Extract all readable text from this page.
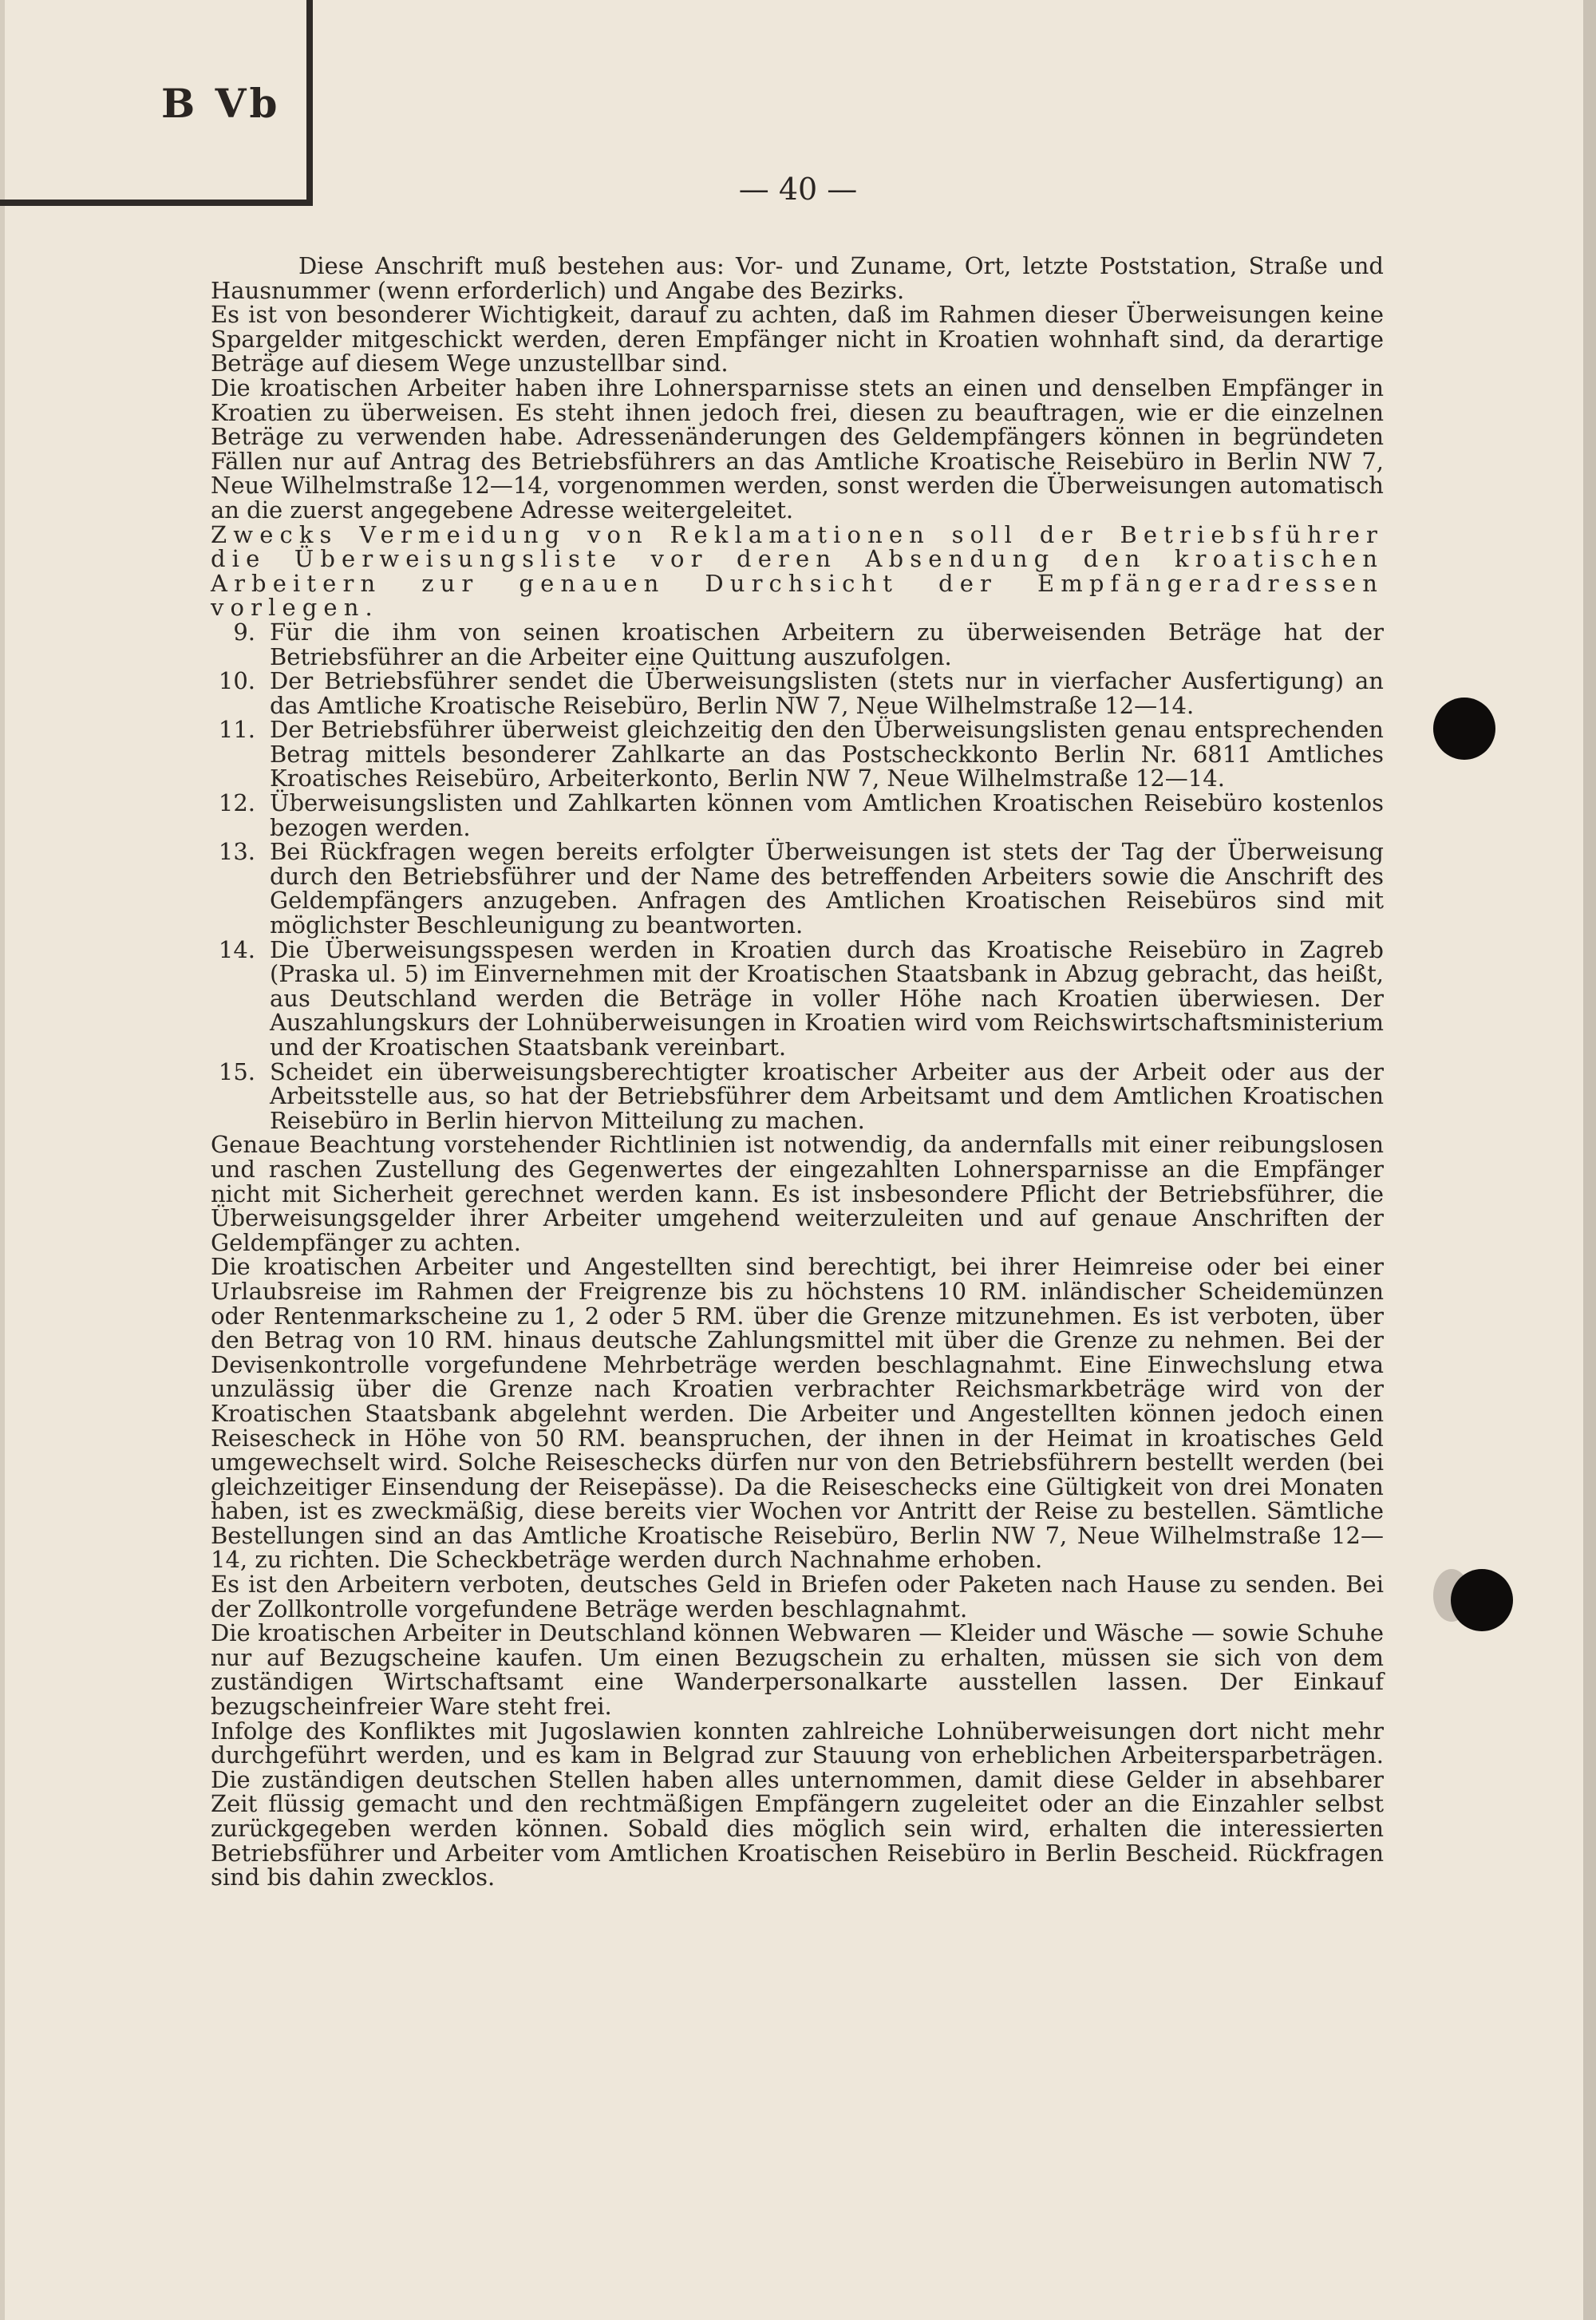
B Vb
— 40 —

Diese Anschrift muß bestehen aus: Vor- und Zuname, Ort, letzte Poststation, Straße und Hausnummer (wenn erforderlich) und Angabe des Bezirks.

Es ist von besonderer Wichtigkeit, darauf zu achten, daß im Rahmen dieser Überweisungen keine Spargelder mitgeschickt werden, deren Empfänger nicht in Kroatien wohnhaft sind, da derartige Beträge auf diesem Wege unzustellbar sind.

Die kroatischen Arbeiter haben ihre Lohnersparnisse stets an einen und denselben Empfänger in Kroatien zu überweisen. Es steht ihnen jedoch frei, diesen zu beauftragen, wie er die einzelnen Beträge zu verwenden habe. Adressenänderungen des Geldempfängers können in begründeten Fällen nur auf Antrag des Betriebsführers an das Amtliche Kroatische Reisebüro in Berlin NW 7, Neue Wilhelmstraße 12—14, vorgenommen werden, sonst werden die Überweisungen automatisch an die zuerst angegebene Adresse weitergeleitet.

Zwecks Vermeidung von Reklamationen soll der Betriebsführer die Überweisungsliste vor deren Absendung den kroatischen Arbeitern zur genauen Durchsicht der Empfängeradressen vorlegen.

9. Für die ihm von seinen kroatischen Arbeitern zu überweisenden Beträge hat der Betriebsführer an die Arbeiter eine Quittung auszufolgen.
10. Der Betriebsführer sendet die Überweisungslisten (stets nur in vierfacher Ausfertigung) an das Amtliche Kroatische Reisebüro, Berlin NW 7, Neue Wilhelmstraße 12—14.
11. Der Betriebsführer überweist gleichzeitig den den Überweisungslisten genau entsprechenden Betrag mittels besonderer Zahlkarte an das Postscheckkonto Berlin Nr. 6811 Amtliches Kroatisches Reisebüro, Arbeiterkonto, Berlin NW 7, Neue Wilhelmstraße 12—14.
12. Überweisungslisten und Zahlkarten können vom Amtlichen Kroatischen Reisebüro kostenlos bezogen werden.
13. Bei Rückfragen wegen bereits erfolgter Überweisungen ist stets der Tag der Überweisung durch den Betriebsführer und der Name des betreffenden Arbeiters sowie die Anschrift des Geldempfängers anzugeben. Anfragen des Amtlichen Kroatischen Reisebüros sind mit möglichster Beschleunigung zu beantworten.
14. Die Überweisungsspesen werden in Kroatien durch das Kroatische Reisebüro in Zagreb (Praska ul. 5) im Einvernehmen mit der Kroatischen Staatsbank in Abzug gebracht, das heißt, aus Deutschland werden die Beträge in voller Höhe nach Kroatien überwiesen. Der Auszahlungskurs der Lohnüberweisungen in Kroatien wird vom Reichswirtschaftsministerium und der Kroatischen Staatsbank vereinbart.
15. Scheidet ein überweisungsberechtigter kroatischer Arbeiter aus der Arbeit oder aus der Arbeitsstelle aus, so hat der Betriebsführer dem Arbeitsamt und dem Amtlichen Kroatischen Reisebüro in Berlin hiervon Mitteilung zu machen.

Genaue Beachtung vorstehender Richtlinien ist notwendig, da andernfalls mit einer reibungslosen und raschen Zustellung des Gegenwertes der eingezahlten Lohnersparnisse an die Empfänger nicht mit Sicherheit gerechnet werden kann. Es ist insbesondere Pflicht der Betriebsführer, die Überweisungsgelder ihrer Arbeiter umgehend weiterzuleiten und auf genaue Anschriften der Geldempfänger zu achten.

Die kroatischen Arbeiter und Angestellten sind berechtigt, bei ihrer Heimreise oder bei einer Urlaubsreise im Rahmen der Freigrenze bis zu höchstens 10 RM. inländischer Scheidemünzen oder Rentenmarkscheine zu 1, 2 oder 5 RM. über die Grenze mitzunehmen. Es ist verboten, über den Betrag von 10 RM. hinaus deutsche Zahlungsmittel mit über die Grenze zu nehmen. Bei der Devisenkontrolle vorgefundene Mehrbeträge werden beschlagnahmt. Eine Einwechslung etwa unzulässig über die Grenze nach Kroatien verbrachter Reichsmarkbeträge wird von der Kroatischen Staatsbank abgelehnt werden. Die Arbeiter und Angestellten können jedoch einen Reisescheck in Höhe von 50 RM. beanspruchen, der ihnen in der Heimat in kroatisches Geld umgewechselt wird. Solche Reiseschecks dürfen nur von den Betriebsführern bestellt werden (bei gleichzeitiger Einsendung der Reisepässe). Da die Reiseschecks eine Gültigkeit von drei Monaten haben, ist es zweckmäßig, diese bereits vier Wochen vor Antritt der Reise zu bestellen. Sämtliche Bestellungen sind an das Amtliche Kroatische Reisebüro, Berlin NW 7, Neue Wilhelmstraße 12—14, zu richten. Die Scheckbeträge werden durch Nachnahme erhoben.

Es ist den Arbeitern verboten, deutsches Geld in Briefen oder Paketen nach Hause zu senden. Bei der Zollkontrolle vorgefundene Beträge werden beschlagnahmt.

Die kroatischen Arbeiter in Deutschland können Webwaren — Kleider und Wäsche — sowie Schuhe nur auf Bezugscheine kaufen. Um einen Bezugschein zu erhalten, müssen sie sich von dem zuständigen Wirtschaftsamt eine Wanderpersonalkarte ausstellen lassen. Der Einkauf bezugscheinfreier Ware steht frei.

Infolge des Konfliktes mit Jugoslawien konnten zahlreiche Lohnüberweisungen dort nicht mehr durchgeführt werden, und es kam in Belgrad zur Stauung von erheblichen Arbeitersparbeträgen. Die zuständigen deutschen Stellen haben alles unternommen, damit diese Gelder in absehbarer Zeit flüssig gemacht und den rechtmäßigen Empfängern zugeleitet oder an die Einzahler selbst zurückgegeben werden können. Sobald dies möglich sein wird, erhalten die interessierten Betriebsführer und Arbeiter vom Amtlichen Kroatischen Reisebüro in Berlin Bescheid. Rückfragen sind bis dahin zwecklos.
